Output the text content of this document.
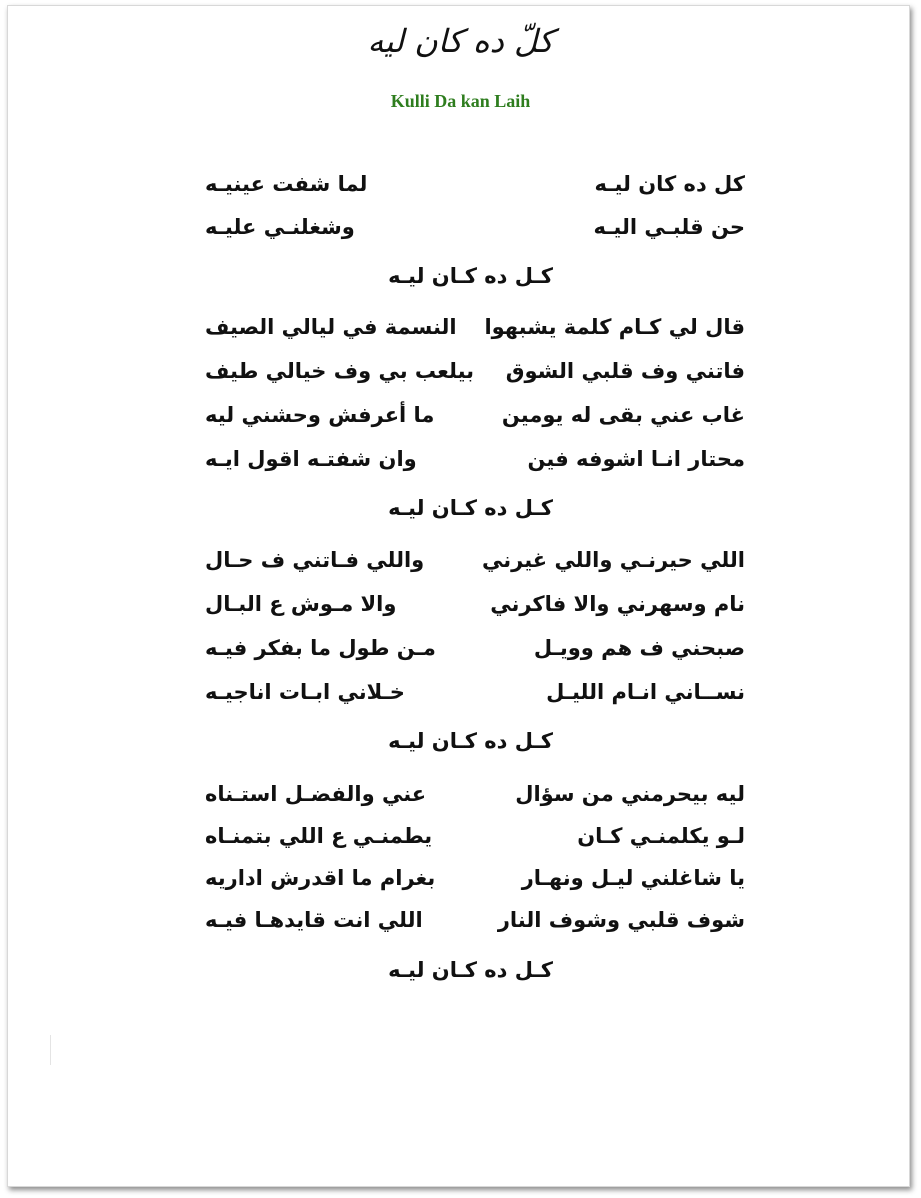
كلّ ده كان ليه
Kulli Da kan Laih
كل ده كان ليـه
لما شفت عينيـه
حن قلبـي اليـه
وشغلنـي عليـه
كـل ده كـان ليـه
قال لي كـام كلمة يشبهوا
النسمة في ليالي الصيف
فاتني وف قلبي الشوق
بيلعب بي وف خيالي طيف
غاب عني بقى له يومين
ما أعرفش وحشني ليه
محتار انـا اشوفه فين
وان شفتـه اقول ايـه
كـل ده كـان ليـه
اللي حيرنـي واللي غيرني
واللي فـاتني ف حـال
نام وسهرني والا فاكرني
والا مـوش ع البـال
صبحني ف هم وويـل
مـن طول ما بفكر فيـه
نســاني انـام الليـل
خـلاني ابـات اناجيـه
كـل ده كـان ليـه
ليه بيحرمني من سؤال
عني والفضـل استـناه
لـو يكلمنـي كـان
يطمنـي ع اللي بتمنـاه
يا شاغلني ليـل ونهـار
بغرام ما اقدرش اداريه
شوف قلبي وشوف النار
اللي انت قايدهـا فيـه
كـل ده كـان ليـه
